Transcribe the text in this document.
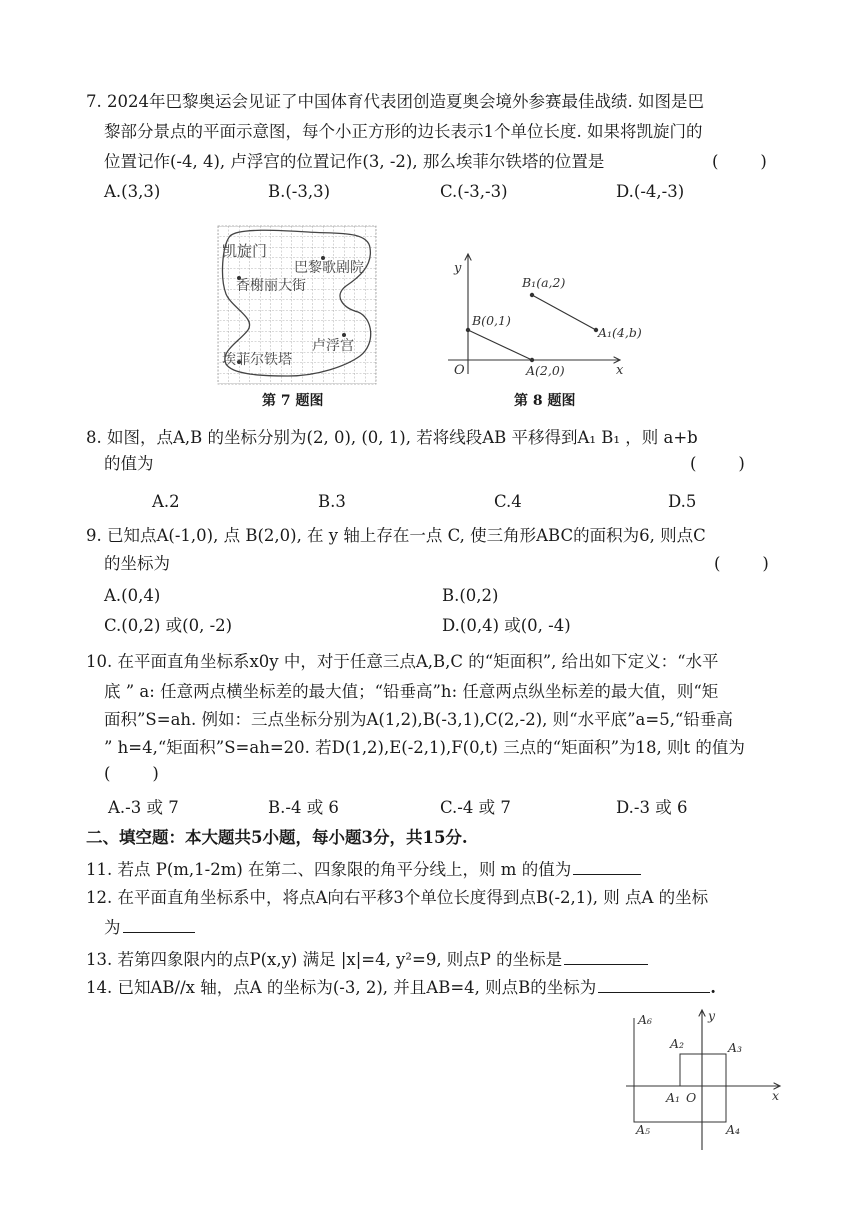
7. 2024年巴黎奥运会见证了中国体育代表团创造夏奥会境外参赛最佳战绩. 如图是巴
黎部分景点的平面示意图，每个小正方形的边长表示1个单位长度. 如果将凯旋门的
位置记作(-4, 4), 卢浮宫的位置记作(3, -2), 那么埃菲尔铁塔的位置是	(        )
A.(3,3)	B.(-3,3)	C.(-3,-3)	D.(-4,-3)
凯旋门
巴黎歌剧院
香榭丽大街
卢浮宫
埃菲尔铁塔
第 7 题图
y
x
O
B(0,1)
A(2,0)
B₁(a,2)
A₁(4,b)
第 8 题图
8. 如图，点A,B 的坐标分别为(2, 0), (0, 1), 若将线段AB 平移得到A₁ B₁ ，则 a+b
的值为	(        )
A.2	B.3	C.4	D.5
9. 已知点A(-1,0), 点 B(2,0), 在 y 轴上存在一点 C, 使三角形ABC的面积为6, 则点C
的坐标为	(        )
A.(0,4)	B.(0,2)
C.(0,2) 或(0, -2)	D.(0,4) 或(0, -4)
10. 在平面直角坐标系x0y 中，对于任意三点A,B,C 的“矩面积”, 给出如下定义：“水平
底 ” a: 任意两点横坐标差的最大值；“铅垂高”h: 任意两点纵坐标差的最大值，则“矩
面积”S=ah. 例如：三点坐标分别为A(1,2),B(-3,1),C(2,-2), 则“水平底”a=5,“铅垂高
” h=4,“矩面积”S=ah=20. 若D(1,2),E(-2,1),F(0,t) 三点的“矩面积”为18, 则t 的值为
(        )
A.-3 或 7	B.-4 或 6	C.-4 或 7	D.-3 或 6
二、填空题：本大题共5小题，每小题3分，共15分.
11. 若点 P(m,1-2m) 在第二、四象限的角平分线上，则 m 的值为
12. 在平面直角坐标系中，将点A向右平移3个单位长度得到点B(-2,1), 则 点A 的坐标
为
13. 若第四象限内的点P(x,y) 满足 |x|=4, y²=9, 则点P 的坐标是
14. 已知AB//x 轴，点A 的坐标为(-3, 2), 并且AB=4, 则点B的坐标为	.
A₆	y
A₂	A₃
x
A₁ O
A₅	A₄
